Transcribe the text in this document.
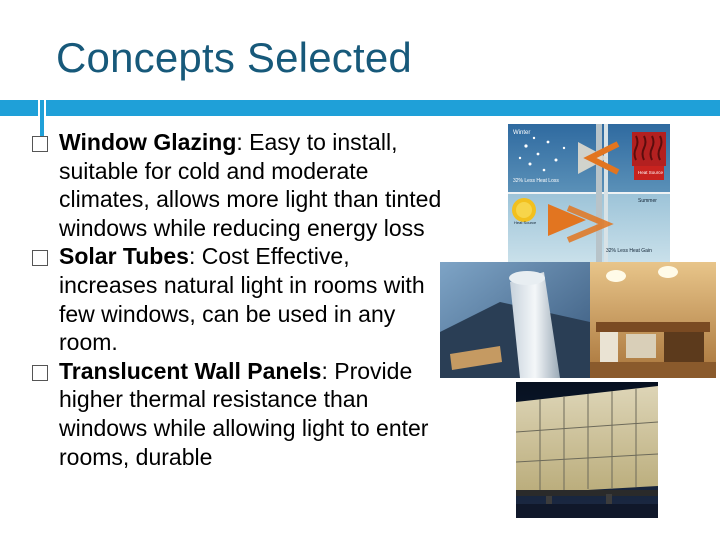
Concepts Selected
Window Glazing: Easy to install, suitable for cold and moderate climates, allows more light than tinted windows while reducing energy loss
Solar Tubes: Cost Effective, increases natural light in rooms with few windows, can be used in any room.
Translucent Wall Panels: Provide higher thermal resistance than windows while allowing light to enter rooms, durable
Winter
32% Less Heat Loss
Heat Source
Summer
Heat Source
32% Less Heat Gain
